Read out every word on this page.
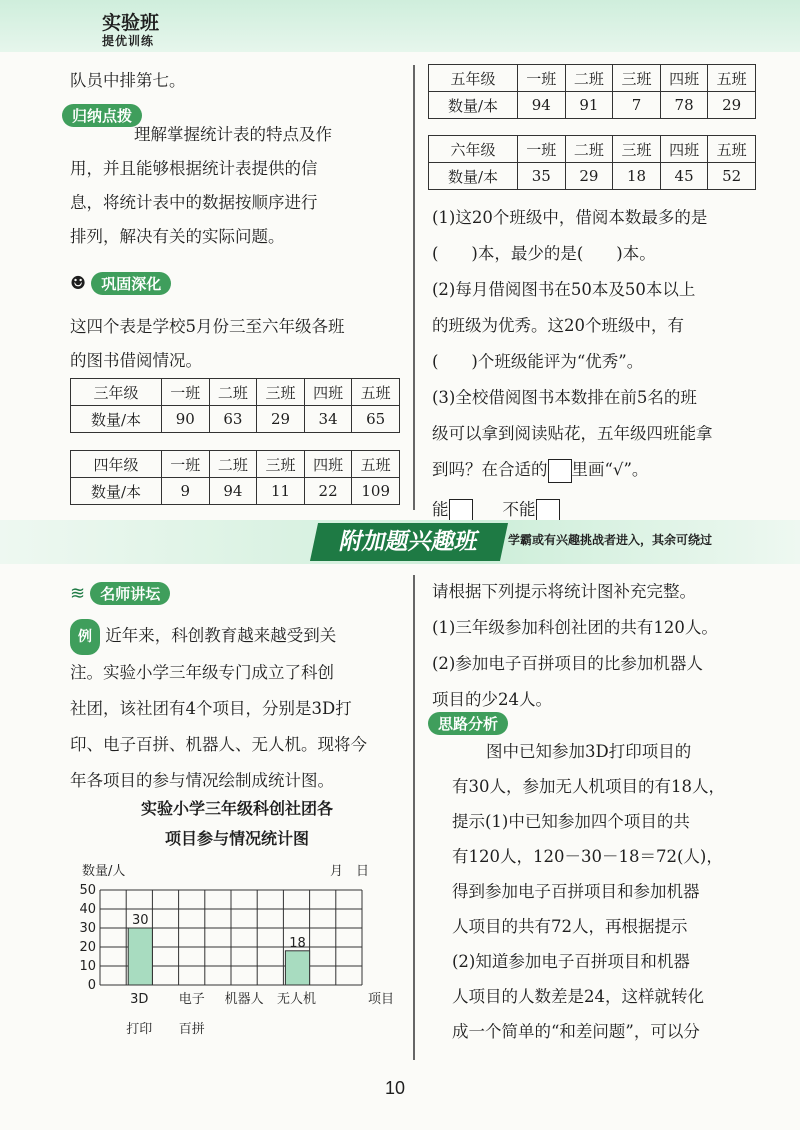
实验班
提优训练
队员中排第七。
归纳点拨
理解掌握统计表的特点及作
用，并且能够根据统计表提供的信
息，将统计表中的数据按顺序进行
排列，解决有关的实际问题。
☻ 巩固深化
这四个表是学校5月份三至六年级各班
的图书借阅情况。
三年级	一班	二班	三班	四班	五班
数量/本	90	63	29	34	65
四年级	一班	二班	三班	四班	五班
数量/本	9	94	11	22	109
五年级	一班	二班	三班	四班	五班
数量/本	94	91	7	78	29
六年级	一班	二班	三班	四班	五班
数量/本	35	29	18	45	52
(1)这20个班级中，借阅本数最多的是
(　　)本，最少的是(　　)本。
(2)每月借阅图书在50本及50本以上
的班级为优秀。这20个班级中，有
(　　)个班级能评为“优秀”。
(3)全校借阅图书本数排在前5名的班
级可以拿到阅读贴花，五年级四班能拿
到吗？在合适的 里画“√”。
能	不能
附加题兴趣班	学霸或有兴趣挑战者进入，其余可绕过
≋ 名师讲坛
例 近年来，科创教育越来越受到关
注。实验小学三年级专门成立了科创
社团，该社团有4个项目，分别是3D打
印、电子百拼、机器人、无人机。现将今
年各项目的参与情况绘制成统计图。
实验小学三年级科创社团各
项目参与情况统计图
数量/人	月　日
0
10
20
30
40
50
30
3D
打印
电子
百拼
机器人
18
无人机	项目
请根据下列提示将统计图补充完整。
(1)三年级参加科创社团的共有120人。
(2)参加电子百拼项目的比参加机器人
项目的少24人。
思路分析
图中已知参加3D打印项目的
有30人，参加无人机项目的有18人，
提示(1)中已知参加四个项目的共
有120人，120－30－18＝72(人)，
得到参加电子百拼项目和参加机器
人项目的共有72人，再根据提示
(2)知道参加电子百拼项目和机器
人项目的人数差是24，这样就转化
成一个简单的“和差问题”，可以分
10
